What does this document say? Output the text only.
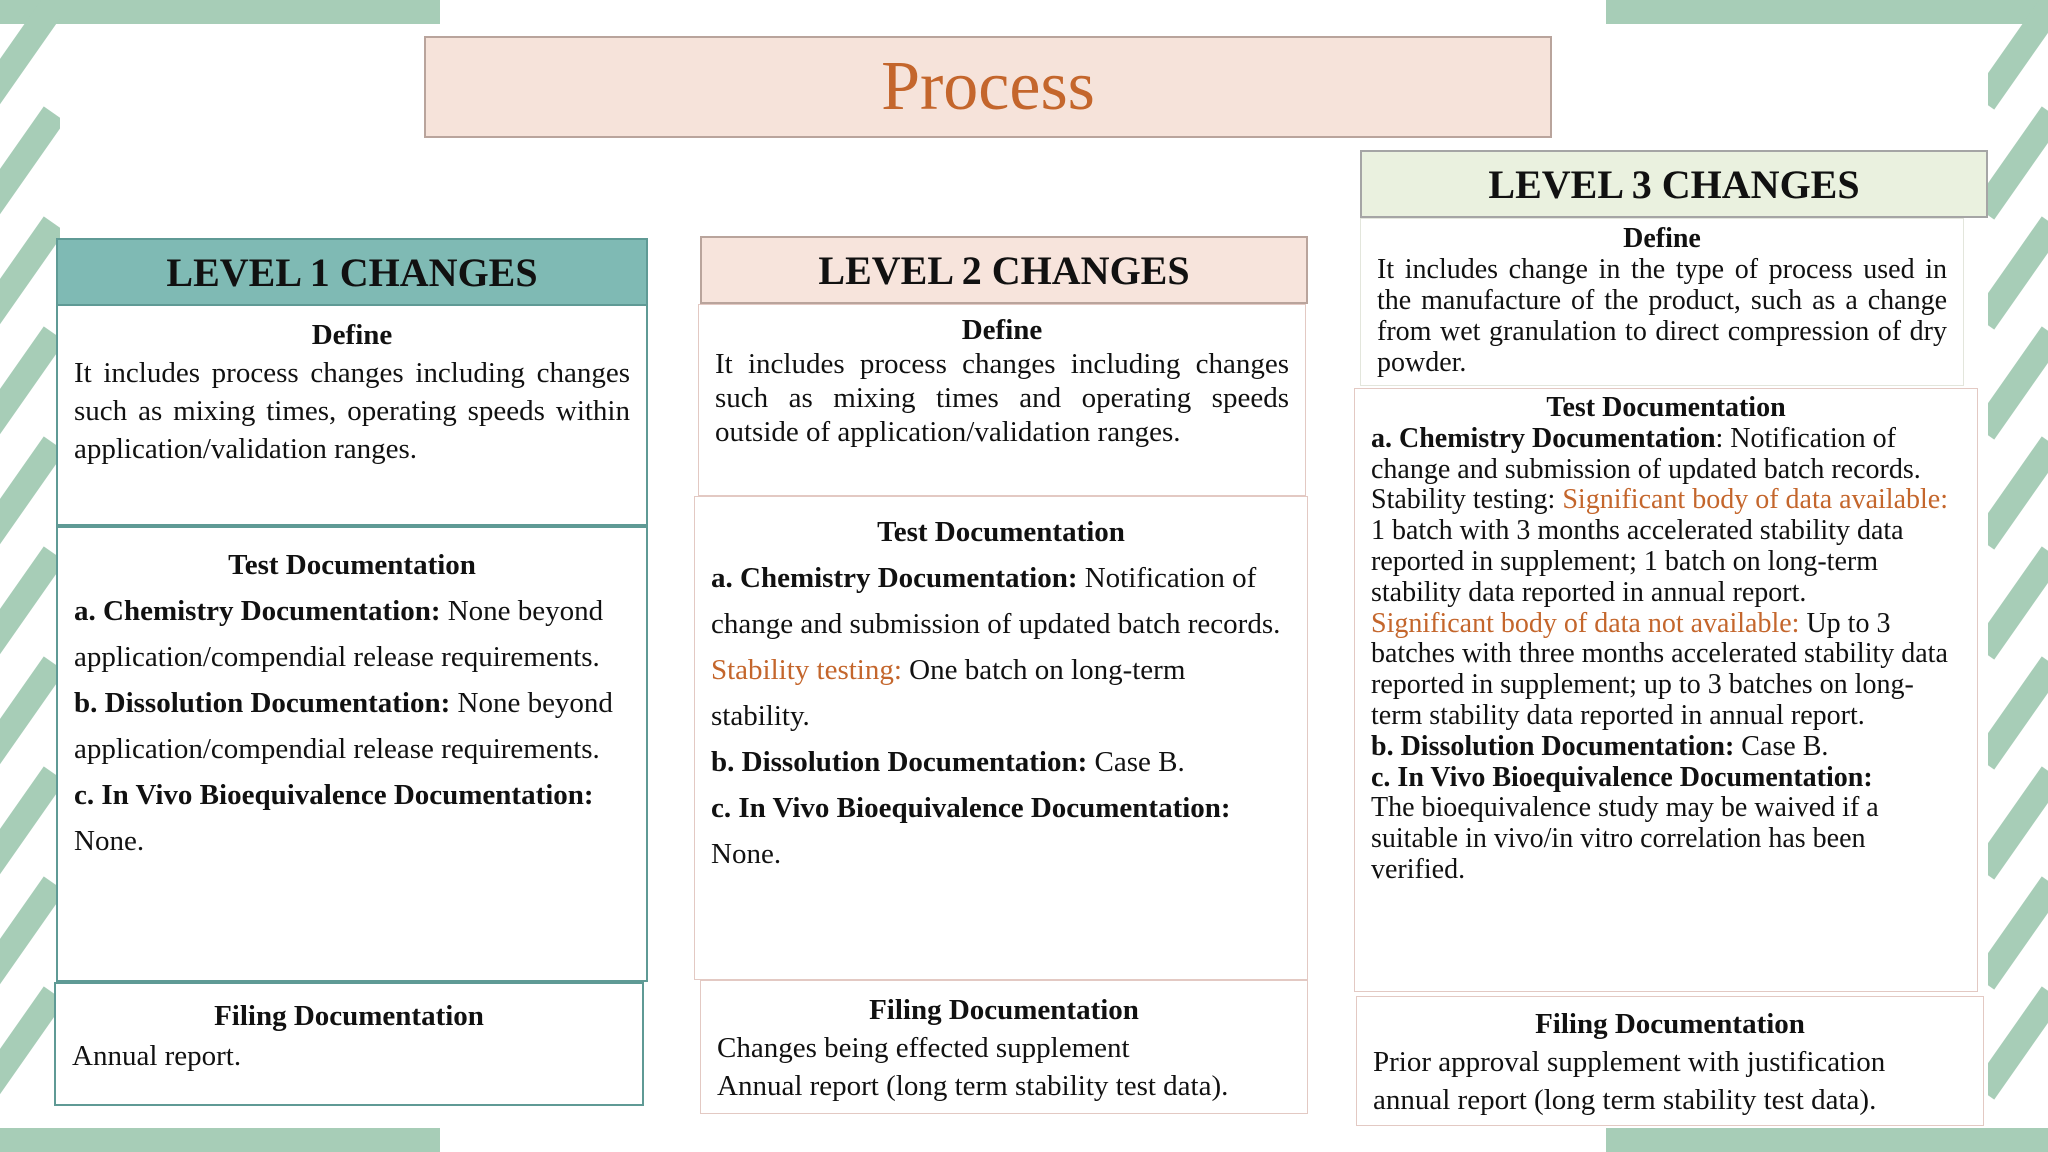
Process
LEVEL 1 CHANGES

Define

It includes process changes including changes such as mixing times, operating speeds within application/validation ranges.

Test Documentation

a. Chemistry Documentation: None beyond application/compendial release requirements.

b. Dissolution Documentation: None beyond application/compendial release requirements.

c. In Vivo Bioequivalence Documentation: None.

Filing Documentation

Annual report.

LEVEL 2 CHANGES

Define

It includes process changes including changes such as mixing times and operating speeds outside of application/validation ranges.

Test Documentation

a. Chemistry Documentation: Notification of change and submission of updated batch records.

Stability testing: One batch on long-term stability.

b. Dissolution Documentation: Case B.

c. In Vivo Bioequivalence Documentation: None.

Filing Documentation

Changes being effected supplement

Annual report (long term stability test data).

LEVEL 3 CHANGES

Define

It includes change in the type of process used in the manufacture of the product, such as a change from wet granulation to direct compression of dry powder.

Test Documentation

a. Chemistry Documentation: Notification of change and submission of updated batch records.

Stability testing: Significant body of data available: 1 batch with 3 months accelerated stability data reported in supplement; 1 batch on long-term stability data reported in annual report.

Significant body of data not available: Up to 3 batches with three months accelerated stability data reported in supplement; up to 3 batches on long-term stability data reported in annual report.

b. Dissolution Documentation: Case B.

c. In Vivo Bioequivalence Documentation:

The bioequivalence study may be waived if a suitable in vivo/in vitro correlation has been verified.

Filing Documentation

Prior approval supplement with justification

annual report (long term stability test data).
